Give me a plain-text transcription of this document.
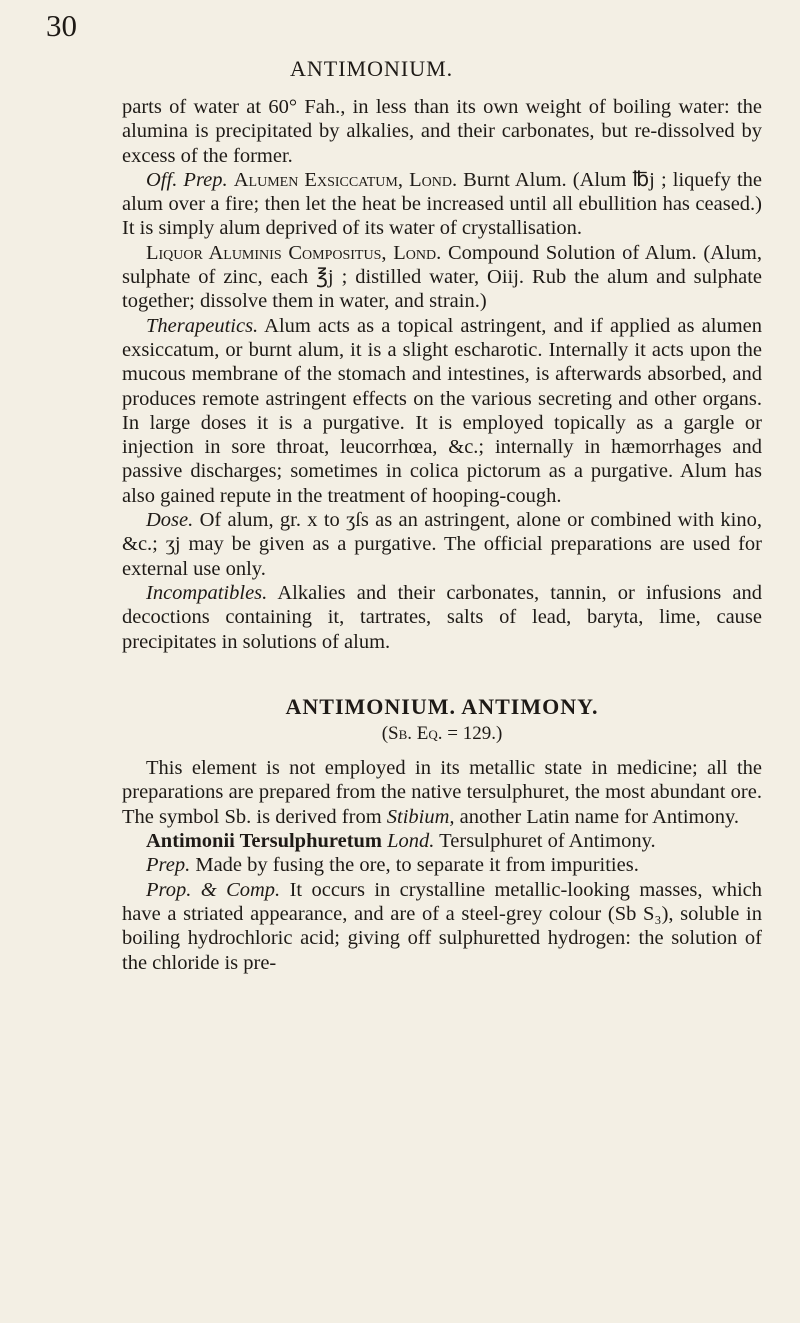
30
ANTIMONIUM.

parts of water at 60° Fah., in less than its own weight of boiling water: the alumina is precipitated by alkalies, and their carbonates, but re-dissolved by excess of the former.

Off. Prep. Alumen Exsiccatum, Lond. Burnt Alum. (Alum ℔j ; liquefy the alum over a fire; then let the heat be increased until all ebullition has ceased.) It is simply alum deprived of its water of crystallisation.

Liquor Aluminis Compositus, Lond. Compound Solution of Alum. (Alum, sulphate of zinc, each ℥j ; distilled water, Oiij. Rub the alum and sulphate together; dissolve them in water, and strain.)

Therapeutics. Alum acts as a topical astringent, and if applied as alumen exsiccatum, or burnt alum, it is a slight escharotic. Internally it acts upon the mucous membrane of the stomach and intestines, is afterwards absorbed, and produces remote astringent effects on the various secreting and other organs. In large doses it is a purgative. It is employed topically as a gargle or injection in sore throat, leucorrhœa, &c.; internally in hæmorrhages and passive discharges; sometimes in colica pictorum as a purgative. Alum has also gained repute in the treatment of hooping-cough.

Dose. Of alum, gr. x to ʒſs as an astringent, alone or combined with kino, &c.; ʒj may be given as a purgative. The official preparations are used for external use only.

Incompatibles. Alkalies and their carbonates, tannin, or infusions and decoctions containing it, tartrates, salts of lead, baryta, lime, cause precipitates in solutions of alum.

ANTIMONIUM. ANTIMONY.
(Sb. Eq. = 129.)

This element is not employed in its metallic state in medicine; all the preparations are prepared from the native tersulphuret, the most abundant ore. The symbol Sb. is derived from Stibium, another Latin name for Antimony.

Antimonii Tersulphuretum Lond. Tersulphuret of Antimony.

Prep. Made by fusing the ore, to separate it from impurities.

Prop. & Comp. It occurs in crystalline metallic-looking masses, which have a striated appearance, and are of a steel-grey colour (Sb S₃), soluble in boiling hydrochloric acid; giving off sulphuretted hydrogen: the solution of the chloride is pre-
